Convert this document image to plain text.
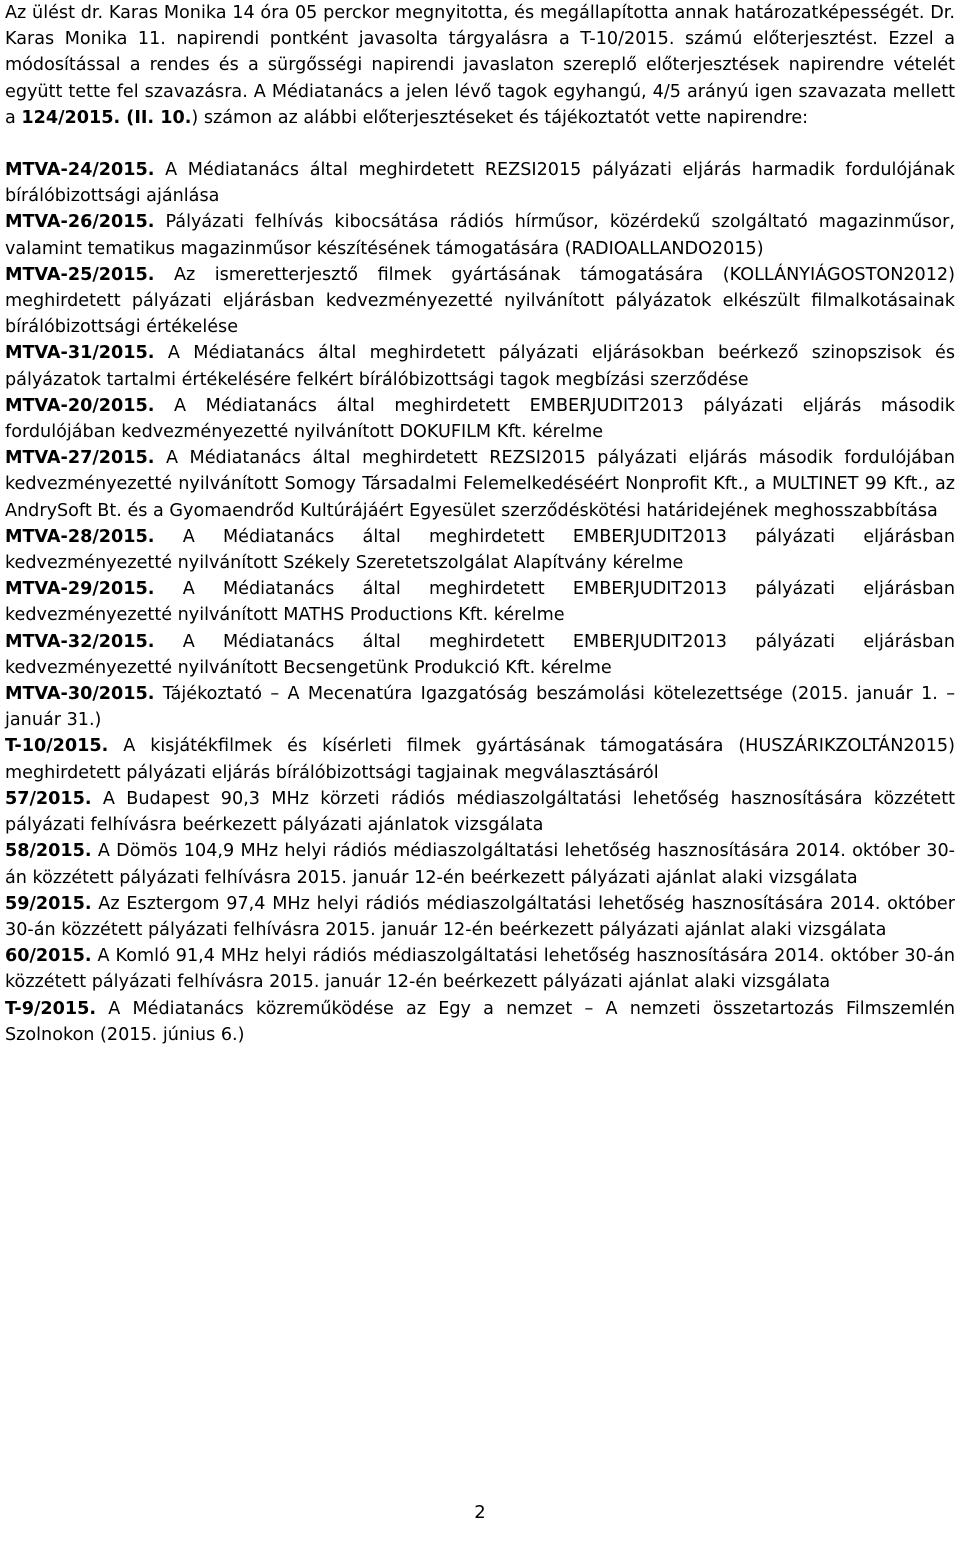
Az ülést dr. Karas Monika 14 óra 05 perckor megnyitotta, és megállapította annak határozatképességét. Dr. Karas Monika 11. napirendi pontként javasolta tárgyalásra a T-10/2015. számú előterjesztést. Ezzel a módosítással a rendes és a sürgősségi napirendi javaslaton szereplő előterjesztések napirendre vételét együtt tette fel szavazásra. A Médiatanács a jelen lévő tagok egyhangú, 4/5 arányú igen szavazata mellett a 124/2015. (II. 10.) számon az alábbi előterjesztéseket és tájékoztatót vette napirendre:

MTVA-24/2015. A Médiatanács által meghirdetett REZSI2015 pályázati eljárás harmadik fordulójának bírálóbizottsági ajánlása

MTVA-26/2015. Pályázati felhívás kibocsátása rádiós hírműsor, közérdekű szolgáltató magazinműsor, valamint tematikus magazinműsor készítésének támogatására (RADIOALLANDO2015)

MTVA-25/2015. Az ismeretterjesztő filmek gyártásának támogatására (KOLLÁNYIÁGOSTON2012) meghirdetett pályázati eljárásban kedvezményezetté nyilvánított pályázatok elkészült filmalkotásainak bírálóbizottsági értékelése

MTVA-31/2015. A Médiatanács által meghirdetett pályázati eljárásokban beérkező szinopszisok és pályázatok tartalmi értékelésére felkért bírálóbizottsági tagok megbízási szerződése

MTVA-20/2015. A Médiatanács által meghirdetett EMBERJUDIT2013 pályázati eljárás második fordulójában kedvezményezetté nyilvánított DOKUFILM Kft. kérelme

MTVA-27/2015. A Médiatanács által meghirdetett REZSI2015 pályázati eljárás második fordulójában kedvezményezetté nyilvánított Somogy Társadalmi Felemelkedéséért Nonprofit Kft., a MULTINET 99 Kft., az AndrySoft Bt. és a Gyomaendrőd Kultúrájáért Egyesület szerződéskötési határidejének meghosszabbítása

MTVA-28/2015. A Médiatanács által meghirdetett EMBERJUDIT2013 pályázati eljárásban kedvezményezetté nyilvánított Székely Szeretetszolgálat Alapítvány kérelme

MTVA-29/2015. A Médiatanács által meghirdetett EMBERJUDIT2013 pályázati eljárásban kedvezményezetté nyilvánított MATHS Productions Kft. kérelme

MTVA-32/2015. A Médiatanács által meghirdetett EMBERJUDIT2013 pályázati eljárásban kedvezményezetté nyilvánított Becsengetünk Produkció Kft. kérelme

MTVA-30/2015. Tájékoztató – A Mecenatúra Igazgatóság beszámolási kötelezettsége (2015. január 1. – január 31.)

T-10/2015. A kisjátékfilmek és kísérleti filmek gyártásának támogatására (HUSZÁRIKZOLTÁN2015) meghirdetett pályázati eljárás bírálóbizottsági tagjainak megválasztásáról

57/2015. A Budapest 90,3 MHz körzeti rádiós médiaszolgáltatási lehetőség hasznosítására közzétett pályázati felhívásra beérkezett pályázati ajánlatok vizsgálata

58/2015. A Dömös 104,9 MHz helyi rádiós médiaszolgáltatási lehetőség hasznosítására 2014. október 30-án közzétett pályázati felhívásra 2015. január 12-én beérkezett pályázati ajánlat alaki vizsgálata

59/2015. Az Esztergom 97,4 MHz helyi rádiós médiaszolgáltatási lehetőség hasznosítására 2014. október 30-án közzétett pályázati felhívásra 2015. január 12-én beérkezett pályázati ajánlat alaki vizsgálata

60/2015. A Komló 91,4 MHz helyi rádiós médiaszolgáltatási lehetőség hasznosítására 2014. október 30-án közzétett pályázati felhívásra 2015. január 12-én beérkezett pályázati ajánlat alaki vizsgálata

T-9/2015. A Médiatanács közreműködése az Egy a nemzet – A nemzeti összetartozás Filmszemlén Szolnokon (2015. június 6.)

2
